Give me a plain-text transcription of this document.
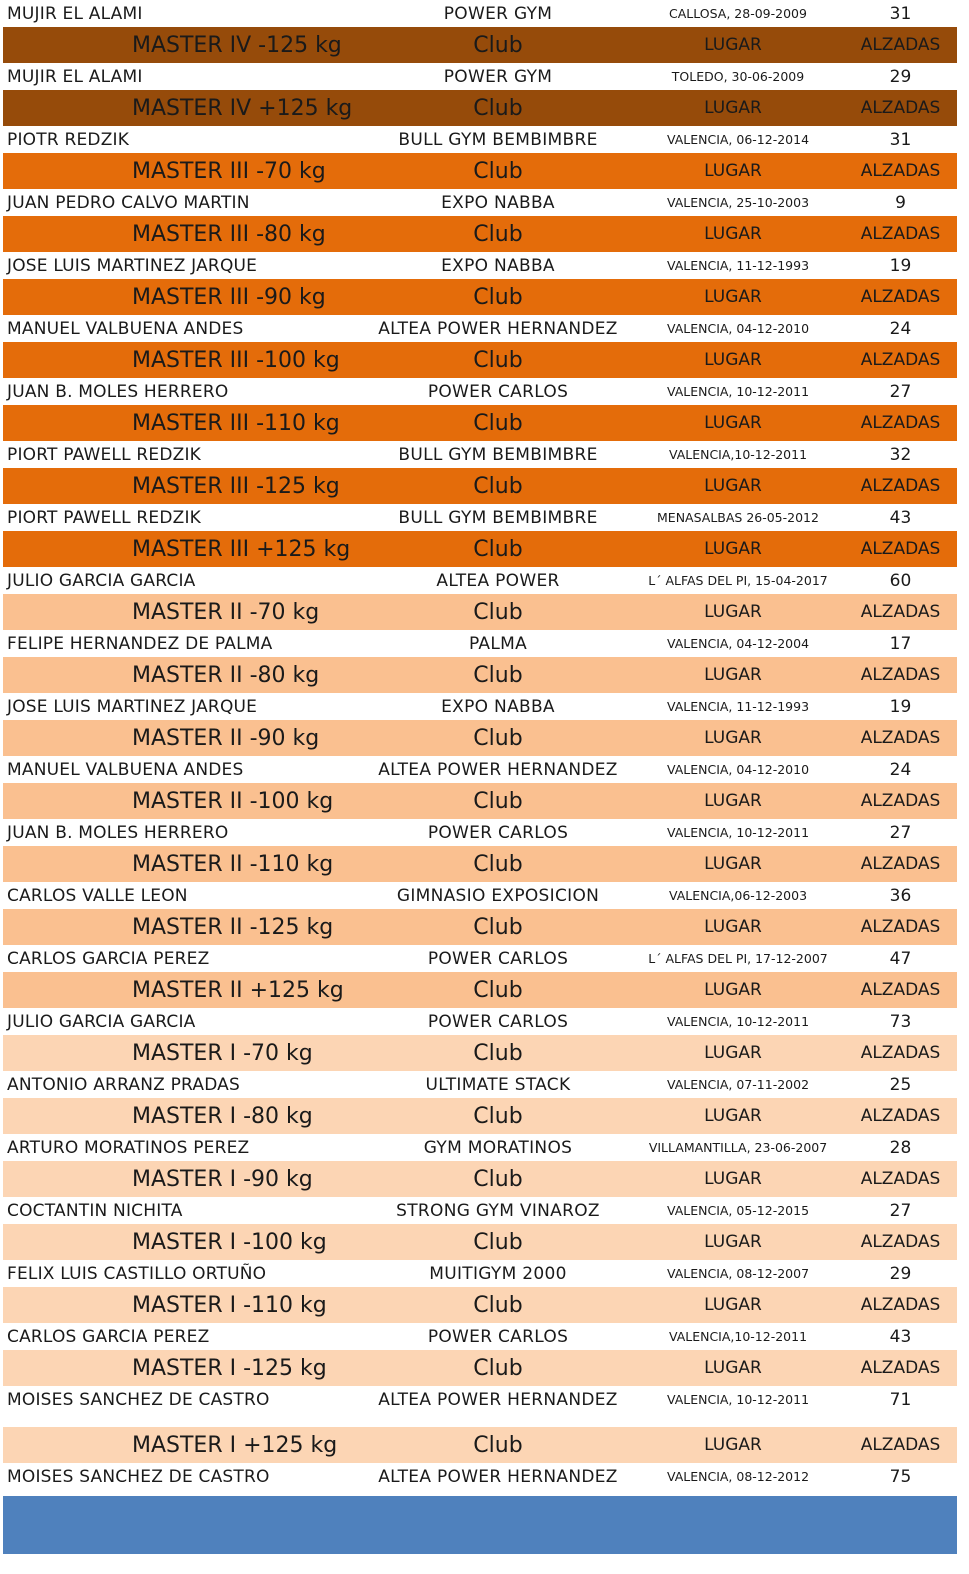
MUJIR EL ALAMI	POWER GYM	CALLOSA, 28-09-2009	31
MASTER IV -125 kg	Club	LUGAR	ALZADAS
MUJIR EL ALAMI	POWER GYM	TOLEDO, 30-06-2009	29
MASTER IV +125 kg	Club	LUGAR	ALZADAS
PIOTR REDZIK	BULL GYM BEMBIMBRE	VALENCIA, 06-12-2014	31
MASTER III -70 kg	Club	LUGAR	ALZADAS
JUAN PEDRO CALVO MARTIN	EXPO NABBA	VALENCIA, 25-10-2003	9
MASTER III -80 kg	Club	LUGAR	ALZADAS
JOSE LUIS MARTINEZ JARQUE	EXPO NABBA	VALENCIA, 11-12-1993	19
MASTER III -90 kg	Club	LUGAR	ALZADAS
MANUEL VALBUENA ANDES	ALTEA POWER HERNANDEZ	VALENCIA, 04-12-2010	24
MASTER III -100 kg	Club	LUGAR	ALZADAS
JUAN B. MOLES HERRERO	POWER CARLOS	VALENCIA, 10-12-2011	27
MASTER III -110 kg	Club	LUGAR	ALZADAS
PIORT PAWELL REDZIK	BULL GYM BEMBIMBRE	VALENCIA,10-12-2011	32
MASTER III -125 kg	Club	LUGAR	ALZADAS
PIORT PAWELL REDZIK	BULL GYM BEMBIMBRE	MENASALBAS 26-05-2012	43
MASTER III +125 kg	Club	LUGAR	ALZADAS
JULIO GARCIA GARCIA	ALTEA POWER	L´ ALFAS DEL PI, 15-04-2017	60
MASTER II -70 kg	Club	LUGAR	ALZADAS
FELIPE HERNANDEZ DE PALMA	PALMA	VALENCIA, 04-12-2004	17
MASTER II -80 kg	Club	LUGAR	ALZADAS
JOSE LUIS MARTINEZ JARQUE	EXPO NABBA	VALENCIA, 11-12-1993	19
MASTER II -90 kg	Club	LUGAR	ALZADAS
MANUEL VALBUENA ANDES	ALTEA POWER HERNANDEZ	VALENCIA, 04-12-2010	24
MASTER II -100 kg	Club	LUGAR	ALZADAS
JUAN B. MOLES HERRERO	POWER CARLOS	VALENCIA, 10-12-2011	27
MASTER II -110 kg	Club	LUGAR	ALZADAS
CARLOS VALLE LEON	GIMNASIO EXPOSICION	VALENCIA,06-12-2003	36
MASTER II -125 kg	Club	LUGAR	ALZADAS
CARLOS GARCIA PEREZ	POWER CARLOS	L´ ALFAS DEL PI, 17-12-2007	47
MASTER II +125 kg	Club	LUGAR	ALZADAS
JULIO GARCIA GARCIA	POWER CARLOS	VALENCIA, 10-12-2011	73
MASTER I -70 kg	Club	LUGAR	ALZADAS
ANTONIO ARRANZ PRADAS	ULTIMATE STACK	VALENCIA, 07-11-2002	25
MASTER I -80 kg	Club	LUGAR	ALZADAS
ARTURO MORATINOS PEREZ	GYM MORATINOS	VILLAMANTILLA, 23-06-2007	28
MASTER I -90 kg	Club	LUGAR	ALZADAS
COCTANTIN NICHITA	STRONG GYM VINAROZ	VALENCIA, 05-12-2015	27
MASTER I -100 kg	Club	LUGAR	ALZADAS
FELIX LUIS CASTILLO ORTUÑO	MUITIGYM 2000	VALENCIA, 08-12-2007	29
MASTER I -110 kg	Club	LUGAR	ALZADAS
CARLOS GARCIA PEREZ	POWER CARLOS	VALENCIA,10-12-2011	43
MASTER I -125 kg	Club	LUGAR	ALZADAS
MOISES SANCHEZ DE CASTRO	ALTEA POWER HERNANDEZ	VALENCIA, 10-12-2011	71
MASTER I +125 kg	Club	LUGAR	ALZADAS
MOISES SANCHEZ DE CASTRO	ALTEA POWER HERNANDEZ	VALENCIA, 08-12-2012	75
